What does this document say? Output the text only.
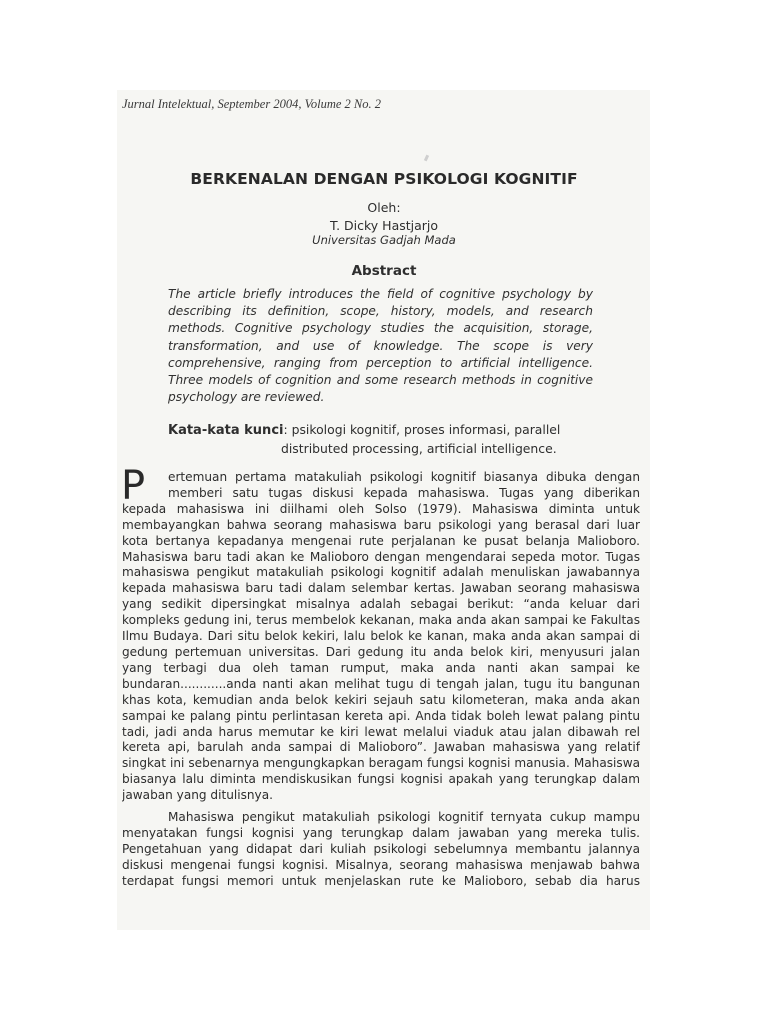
Jurnal Intelektual, September 2004, Volume 2 No. 2
BERKENALAN DENGAN PSIKOLOGI KOGNITIF
Oleh:
T. Dicky Hastjarjo
Universitas Gadjah Mada
Abstract
The article briefly introduces the field of cognitive psychology by
describing its definition, scope, history, models, and research
methods. Cognitive psychology studies the acquisition, storage,
transformation, and use of knowledge. The scope is very
comprehensive, ranging from perception to artificial intelligence.
Three models of cognition and some research methods in cognitive
psychology are reviewed.
Kata-kata kunci: psikologi kognitif, proses informasi, parallel
distributed processing, artificial intelligence.
P	ertemuan pertama matakuliah psikologi kognitif biasanya dibuka dengan
memberi satu tugas diskusi kepada mahasiswa. Tugas yang diberikan
kepada mahasiswa ini diilhami oleh Solso (1979). Mahasiswa diminta untuk
membayangkan bahwa seorang mahasiswa baru psikologi yang berasal dari luar
kota bertanya kepadanya mengenai rute perjalanan ke pusat belanja Malioboro.
Mahasiswa baru tadi akan ke Malioboro dengan mengendarai sepeda motor. Tugas
mahasiswa pengikut matakuliah psikologi kognitif adalah menuliskan jawabannya
kepada mahasiswa baru tadi dalam selembar kertas. Jawaban seorang mahasiswa
yang sedikit dipersingkat misalnya adalah sebagai berikut: “anda keluar dari
kompleks gedung ini, terus membelok kekanan, maka anda akan sampai ke Fakultas
Ilmu Budaya. Dari situ belok kekiri, lalu belok ke kanan, maka anda akan sampai di
gedung pertemuan universitas. Dari gedung itu anda belok kiri, menyusuri jalan
yang terbagi dua oleh taman rumput, maka anda nanti akan sampai ke
bundaran............anda nanti akan melihat tugu di tengah jalan, tugu itu bangunan
khas kota, kemudian anda belok kekiri sejauh satu kilometeran, maka anda akan
sampai ke palang pintu perlintasan kereta api. Anda tidak boleh lewat palang pintu
tadi, jadi anda harus memutar ke kiri lewat melalui viaduk atau jalan dibawah rel
kereta api, barulah anda sampai di Malioboro”. Jawaban mahasiswa yang relatif
singkat ini sebenarnya mengungkapkan beragam fungsi kognisi manusia. Mahasiswa
biasanya lalu diminta mendiskusikan fungsi kognisi apakah yang terungkap dalam
jawaban yang ditulisnya.
Mahasiswa pengikut matakuliah psikologi kognitif ternyata cukup mampu
menyatakan fungsi kognisi yang terungkap dalam jawaban yang mereka tulis.
Pengetahuan yang didapat dari kuliah psikologi sebelumnya membantu jalannya
diskusi mengenai fungsi kognisi. Misalnya, seorang mahasiswa menjawab bahwa
terdapat fungsi memori untuk menjelaskan rute ke Malioboro, sebab dia harus
